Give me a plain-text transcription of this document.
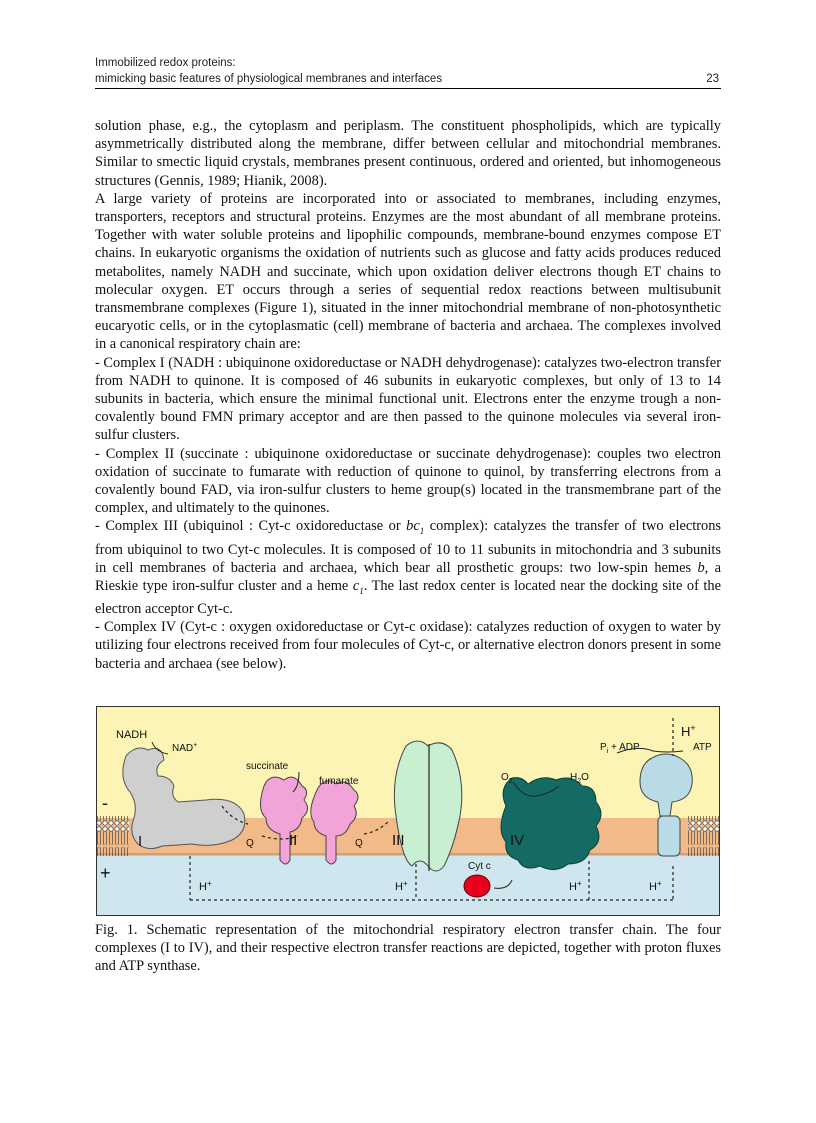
Immobilized redox proteins:
mimicking basic features of physiological membranes and interfaces	23

solution phase, e.g., the cytoplasm and periplasm. The constituent phospholipids, which are typically asymmetrically distributed along the membrane, differ between cellular and mitochondrial membranes. Similar to smectic liquid crystals, membranes present continuous, ordered and oriented, but inhomogeneous structures (Gennis, 1989; Hianik, 2008).

A large variety of proteins are incorporated into or associated to membranes, including enzymes, transporters, receptors and structural proteins. Enzymes are the most abundant of all membrane proteins. Together with water soluble proteins and lipophilic compounds, membrane-bound enzymes compose ET chains. In eukaryotic organisms the oxidation of nutrients such as glucose and fatty acids produces reduced metabolites, namely NADH and succinate, which upon oxidation deliver electrons though ET chains to molecular oxygen. ET occurs through a series of sequential redox reactions between multisubunit transmembrane complexes (Figure 1), situated in the inner mitochondrial membrane of non-photosynthetic eucaryotic cells, or in the cytoplasmatic (cell) membrane of bacteria and archaea. The complexes involved in a canonical respiratory chain are:

- Complex I (NADH : ubiquinone oxidoreductase or NADH dehydrogenase): catalyzes two-electron transfer from NADH to quinone. It is composed of 46 subunits in eukaryotic complexes, but only of 13 to 14 subunits in bacteria, which ensure the minimal functional unit. Electrons enter the enzyme trough a non-covalently bound FMN primary acceptor and are then passed to the quinone molecules via several iron-sulfur clusters.

- Complex II (succinate : ubiquinone oxidoreductase or succinate dehydrogenase): couples two electron oxidation of succinate to fumarate with reduction of quinone to quinol, by transferring electrons from a covalently bound FAD, via iron-sulfur clusters to heme group(s) located in the transmembrane part of the complex, and ultimately to the quinones.

- Complex III (ubiquinol : Cyt-c oxidoreductase or $bc_1$ complex): catalyzes the transfer of two electrons from ubiquinol to two Cyt-c molecules. It is composed of 10 to 11 subunits in mitochondria and 3 subunits in cell membranes of bacteria and archaea, which bear all prosthetic groups: two low-spin hemes b, a Rieskie type iron-sulfur cluster and a heme $c_1$. The last redox center is located near the docking site of the electron acceptor Cyt-c.

- Complex IV (Cyt-c : oxygen oxidoreductase or Cyt-c oxidase): catalyzes reduction of oxygen to water by utilizing four electrons received from four molecules of Cyt-c, or alternative electron donors present in some bacteria and archaea (see below).

I	II	III	IV
Cyt c
NADH
NAD+
succinate
fumarate	$O_2$	$H_2O$
$P_i$ + ADP	ATP
H+
-
+
Q	Q
H+	H+	H+	H+
Fig. 1. Schematic representation of the mitochondrial respiratory electron transfer chain. The four complexes (I to IV), and their respective electron transfer reactions are depicted, together with proton fluxes and ATP synthase.
